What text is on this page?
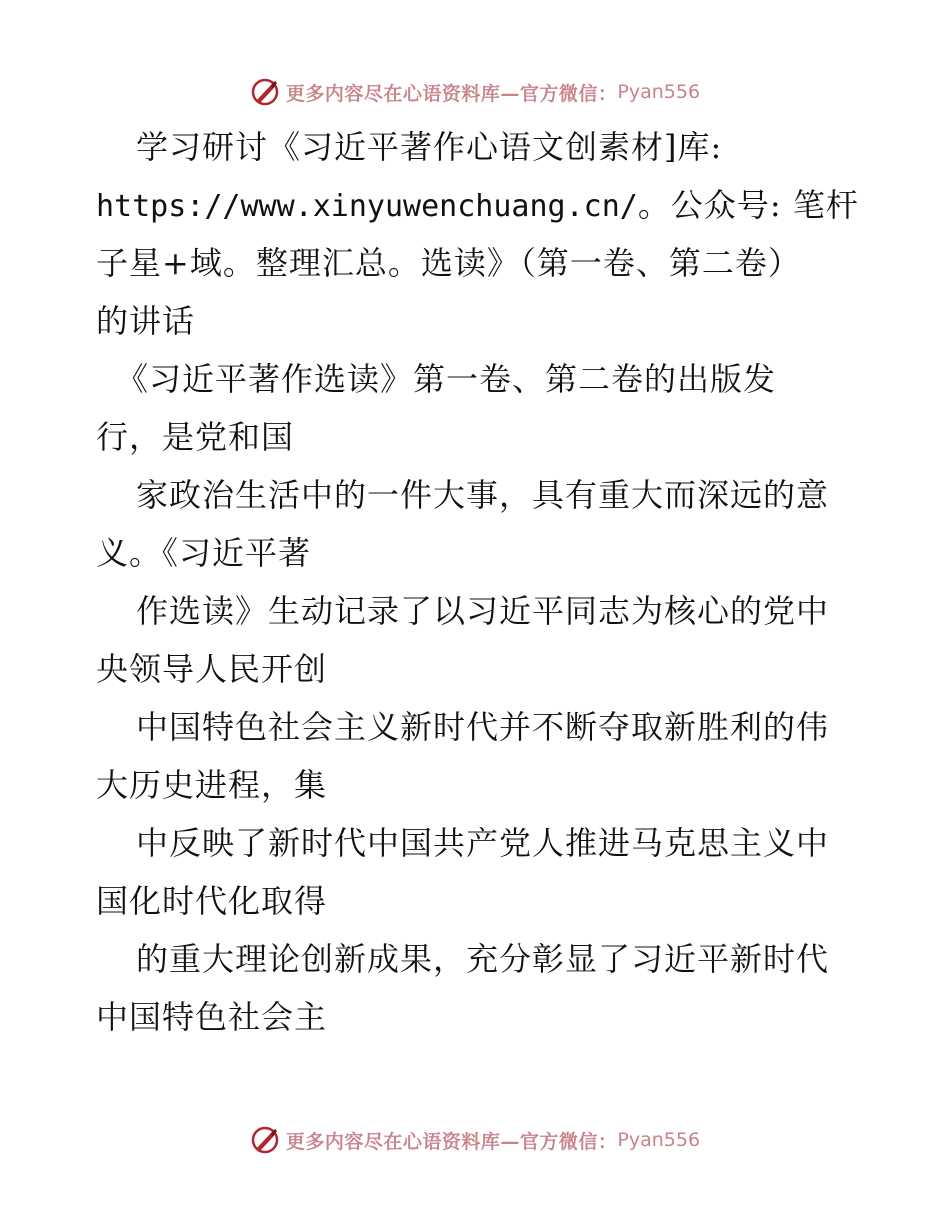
更多内容尽在心语资料库—官方微信： Pyan556
学习研讨《习近平著作心语文创素材]库:
https://www.xinyuwenchuang.cn/。公众号: 笔杆
子星+域。整理汇总。选读》（第一卷、第二卷）
的讲话
《习近平著作选读》第一卷、第二卷的出版发
行，是党和国
家政治生活中的一件大事，具有重大而深远的意
义。《习近平著
作选读》生动记录了以习近平同志为核心的党中
央领导人民开创
中国特色社会主义新时代并不断夺取新胜利的伟
大历史进程，集
中反映了新时代中国共产党人推进马克思主义中
国化时代化取得
的重大理论创新成果，充分彰显了习近平新时代
中国特色社会主
更多内容尽在心语资料库—官方微信： Pyan556
